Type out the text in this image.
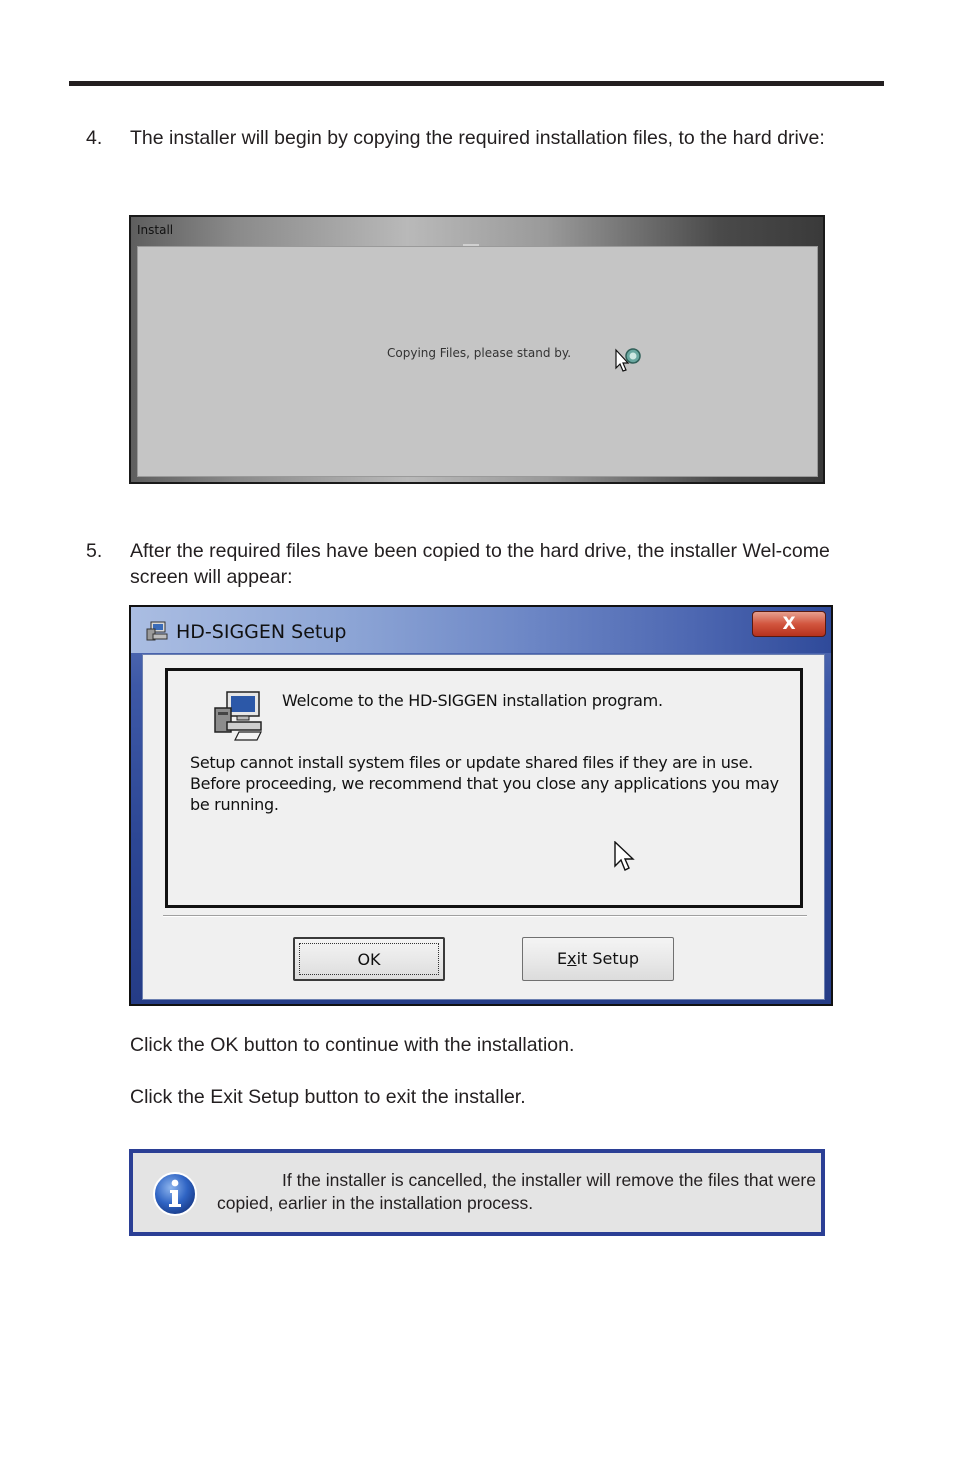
4. The installer will begin by copying the required installation files, to the hard drive:
Install
Copying Files, please stand by.
5. After the required files have been copied to the hard drive, the installer Wel-come screen will appear:
HD-SIGGEN Setup	X
Welcome to the HD-SIGGEN installation program.
Setup cannot install system files or update shared files if they are in use. Before proceeding, we recommend that you close any applications you may be running.
OK	Exit Setup
Click the OK button to continue with the installation.
Click the Exit Setup button to exit the installer.
If the installer is cancelled, the installer will remove the files that were copied, earlier in the installation process.
